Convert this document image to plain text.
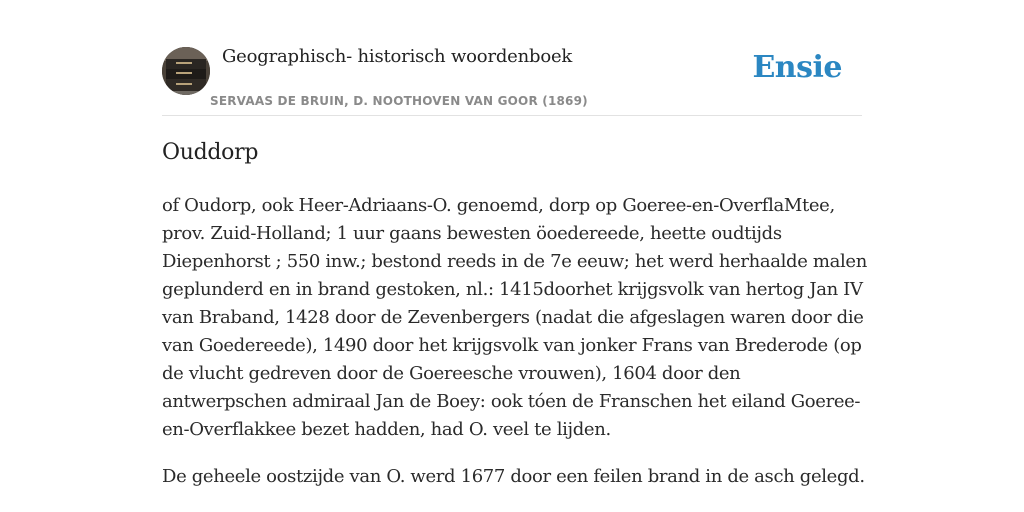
Geographisch- historisch woordenboek
SERVAAS DE BRUIN, D. NOOTHOVEN VAN GOOR (1869)
Ensie
Ouddorp

of Oudorp, ook Heer-Adriaans-O. genoemd, dorp op Goeree-en-OverflaMtee, prov. Zuid-Holland; 1 uur gaans bewesten öoedereede, heette oudtijds Diepenhorst ; 550 inw.; bestond reeds in de 7e eeuw; het werd herhaalde malen geplunderd en in brand gestoken, nl.: 1415doorhet krijgsvolk van hertog Jan IV van Braband, 1428 door de Zevenbergers (nadat die afgeslagen waren door die van Goedereede), 1490 door het krijgsvolk van jonker Frans van Brederode (op de vlucht gedreven door de Goereesche vrouwen), 1604 door den antwerpschen admiraal Jan de Boey: ook tóen de Franschen het eiland Goeree-en-Overflakkee bezet hadden, had O. veel te lijden.

De geheele oostzijde van O. werd 1677 door een feilen brand in de asch gelegd.
